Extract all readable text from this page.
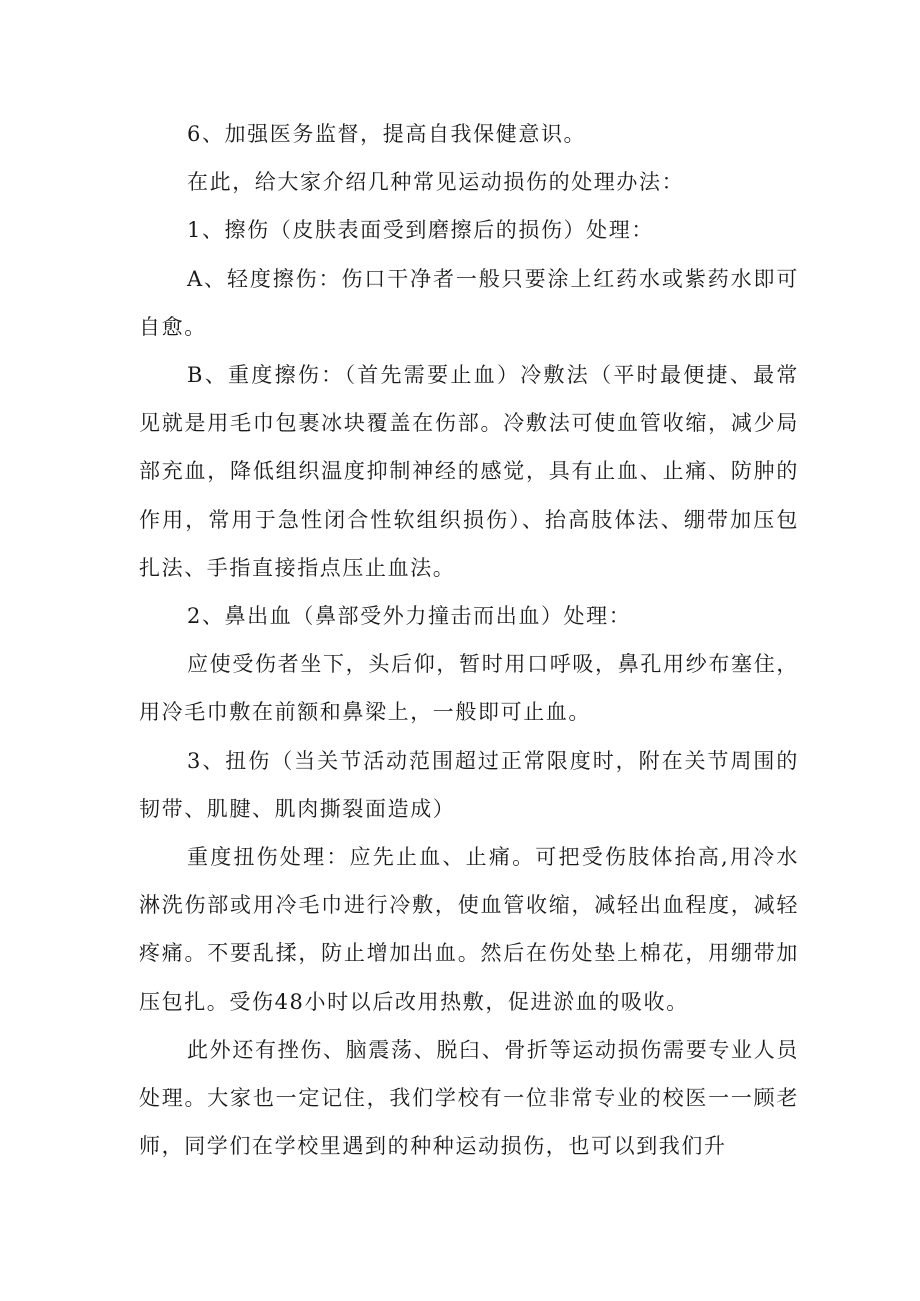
6、加强医务监督，提高自我保健意识。

在此，给大家介绍几种常见运动损伤的处理办法：

1、擦伤（皮肤表面受到磨擦后的损伤）处理：

A、轻度擦伤：伤口干净者一般只要涂上红药水或紫药水即可自愈。

B、重度擦伤：（首先需要止血）冷敷法（平时最便捷、最常见就是用毛巾包裹冰块覆盖在伤部。冷敷法可使血管收缩，减少局部充血，降低组织温度抑制神经的感觉，具有止血、止痛、防肿的作用，常用于急性闭合性软组织损伤）、抬高肢体法、绷带加压包扎法、手指直接指点压止血法。

2、鼻出血（鼻部受外力撞击而出血）处理：

应使受伤者坐下，头后仰，暂时用口呼吸，鼻孔用纱布塞住，用冷毛巾敷在前额和鼻梁上，一般即可止血。

3、扭伤（当关节活动范围超过正常限度时，附在关节周围的韧带、肌腱、肌肉撕裂面造成）

重度扭伤处理：应先止血、止痛。可把受伤肢体抬高,用冷水淋洗伤部或用冷毛巾进行冷敷，使血管收缩，减轻出血程度，减轻疼痛。不要乱揉，防止增加出血。然后在伤处垫上棉花，用绷带加压包扎。受伤48小时以后改用热敷，促进淤血的吸收。

此外还有挫伤、脑震荡、脱臼、骨折等运动损伤需要专业人员处理。大家也一定记住，我们学校有一位非常专业的校医一一顾老师，同学们在学校里遇到的种种运动损伤，也可以到我们升
